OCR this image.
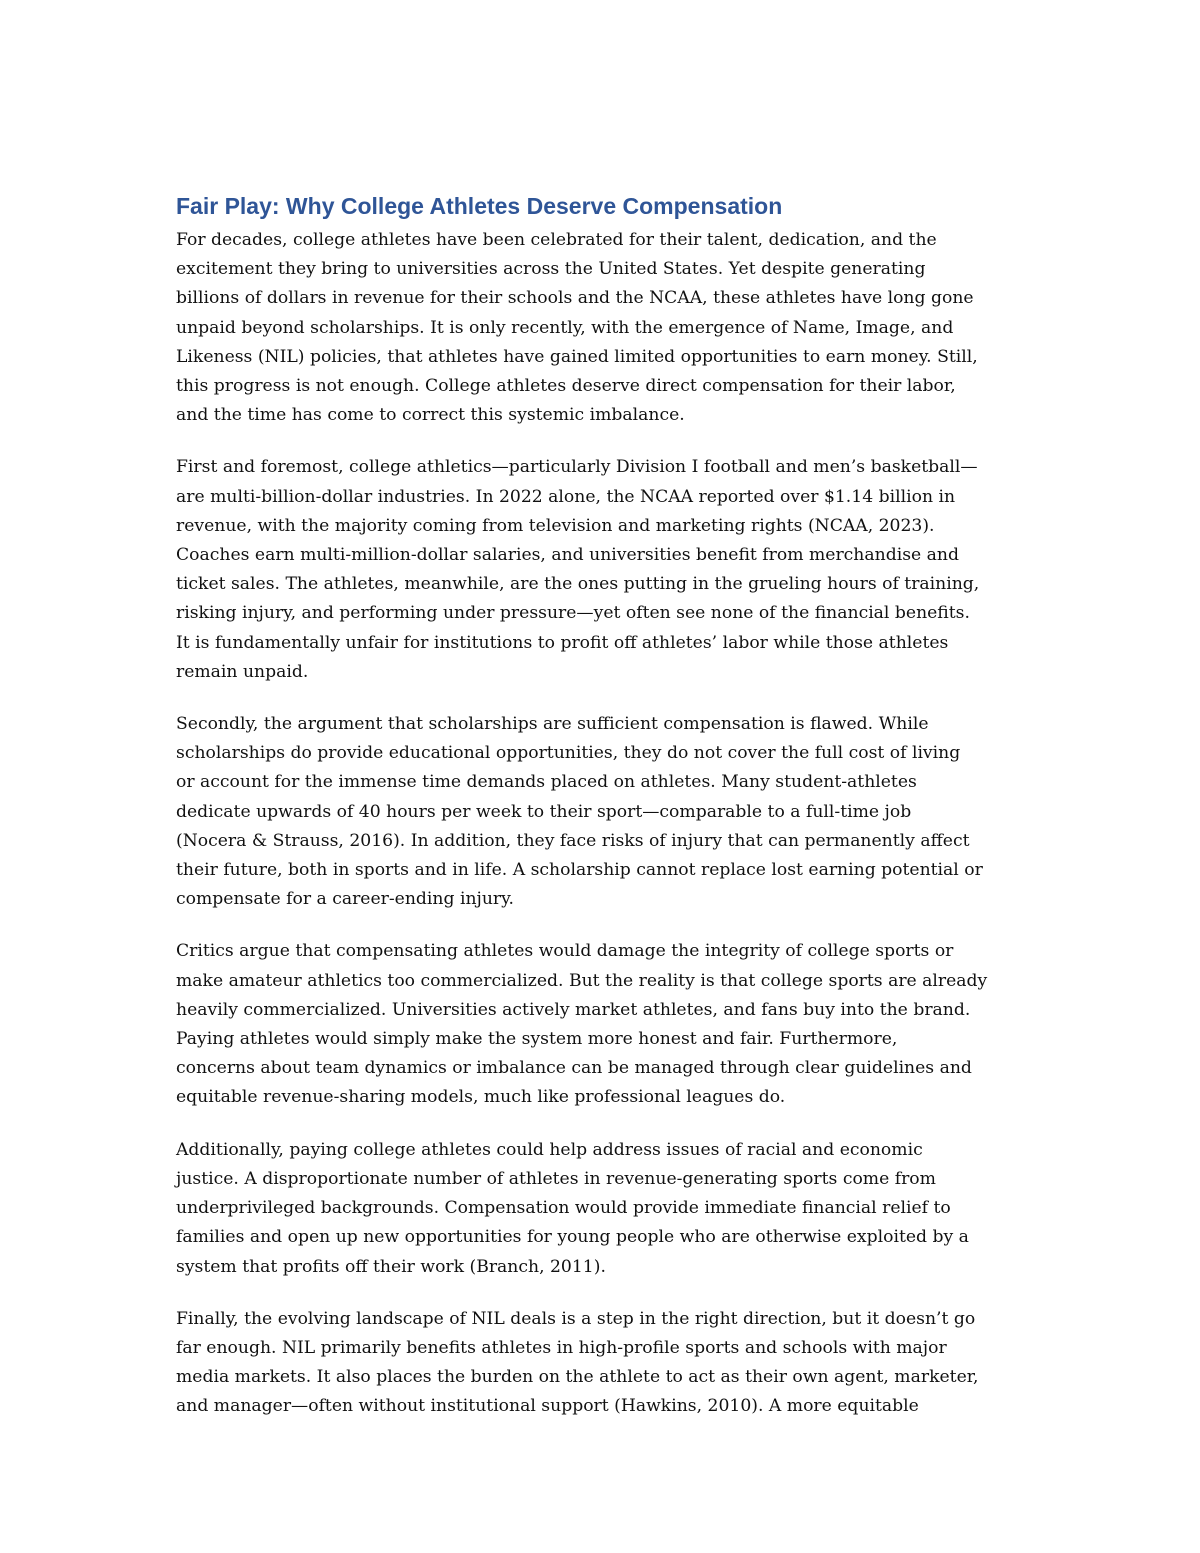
Fair Play: Why College Athletes Deserve Compensation

For decades, college athletes have been celebrated for their talent, dedication, and the
excitement they bring to universities across the United States. Yet despite generating
billions of dollars in revenue for their schools and the NCAA, these athletes have long gone
unpaid beyond scholarships. It is only recently, with the emergence of Name, Image, and
Likeness (NIL) policies, that athletes have gained limited opportunities to earn money. Still,
this progress is not enough. College athletes deserve direct compensation for their labor,
and the time has come to correct this systemic imbalance.

First and foremost, college athletics—particularly Division I football and men’s basketball—
are multi-billion-dollar industries. In 2022 alone, the NCAA reported over $1.14 billion in
revenue, with the majority coming from television and marketing rights (NCAA, 2023).
Coaches earn multi-million-dollar salaries, and universities benefit from merchandise and
ticket sales. The athletes, meanwhile, are the ones putting in the grueling hours of training,
risking injury, and performing under pressure—yet often see none of the financial benefits.
It is fundamentally unfair for institutions to profit off athletes’ labor while those athletes
remain unpaid.

Secondly, the argument that scholarships are sufficient compensation is flawed. While
scholarships do provide educational opportunities, they do not cover the full cost of living
or account for the immense time demands placed on athletes. Many student-athletes
dedicate upwards of 40 hours per week to their sport—comparable to a full-time job
(Nocera & Strauss, 2016). In addition, they face risks of injury that can permanently affect
their future, both in sports and in life. A scholarship cannot replace lost earning potential or
compensate for a career-ending injury.

Critics argue that compensating athletes would damage the integrity of college sports or
make amateur athletics too commercialized. But the reality is that college sports are already
heavily commercialized. Universities actively market athletes, and fans buy into the brand.
Paying athletes would simply make the system more honest and fair. Furthermore,
concerns about team dynamics or imbalance can be managed through clear guidelines and
equitable revenue-sharing models, much like professional leagues do.

Additionally, paying college athletes could help address issues of racial and economic
justice. A disproportionate number of athletes in revenue-generating sports come from
underprivileged backgrounds. Compensation would provide immediate financial relief to
families and open up new opportunities for young people who are otherwise exploited by a
system that profits off their work (Branch, 2011).

Finally, the evolving landscape of NIL deals is a step in the right direction, but it doesn’t go
far enough. NIL primarily benefits athletes in high-profile sports and schools with major
media markets. It also places the burden on the athlete to act as their own agent, marketer,
and manager—often without institutional support (Hawkins, 2010). A more equitable
